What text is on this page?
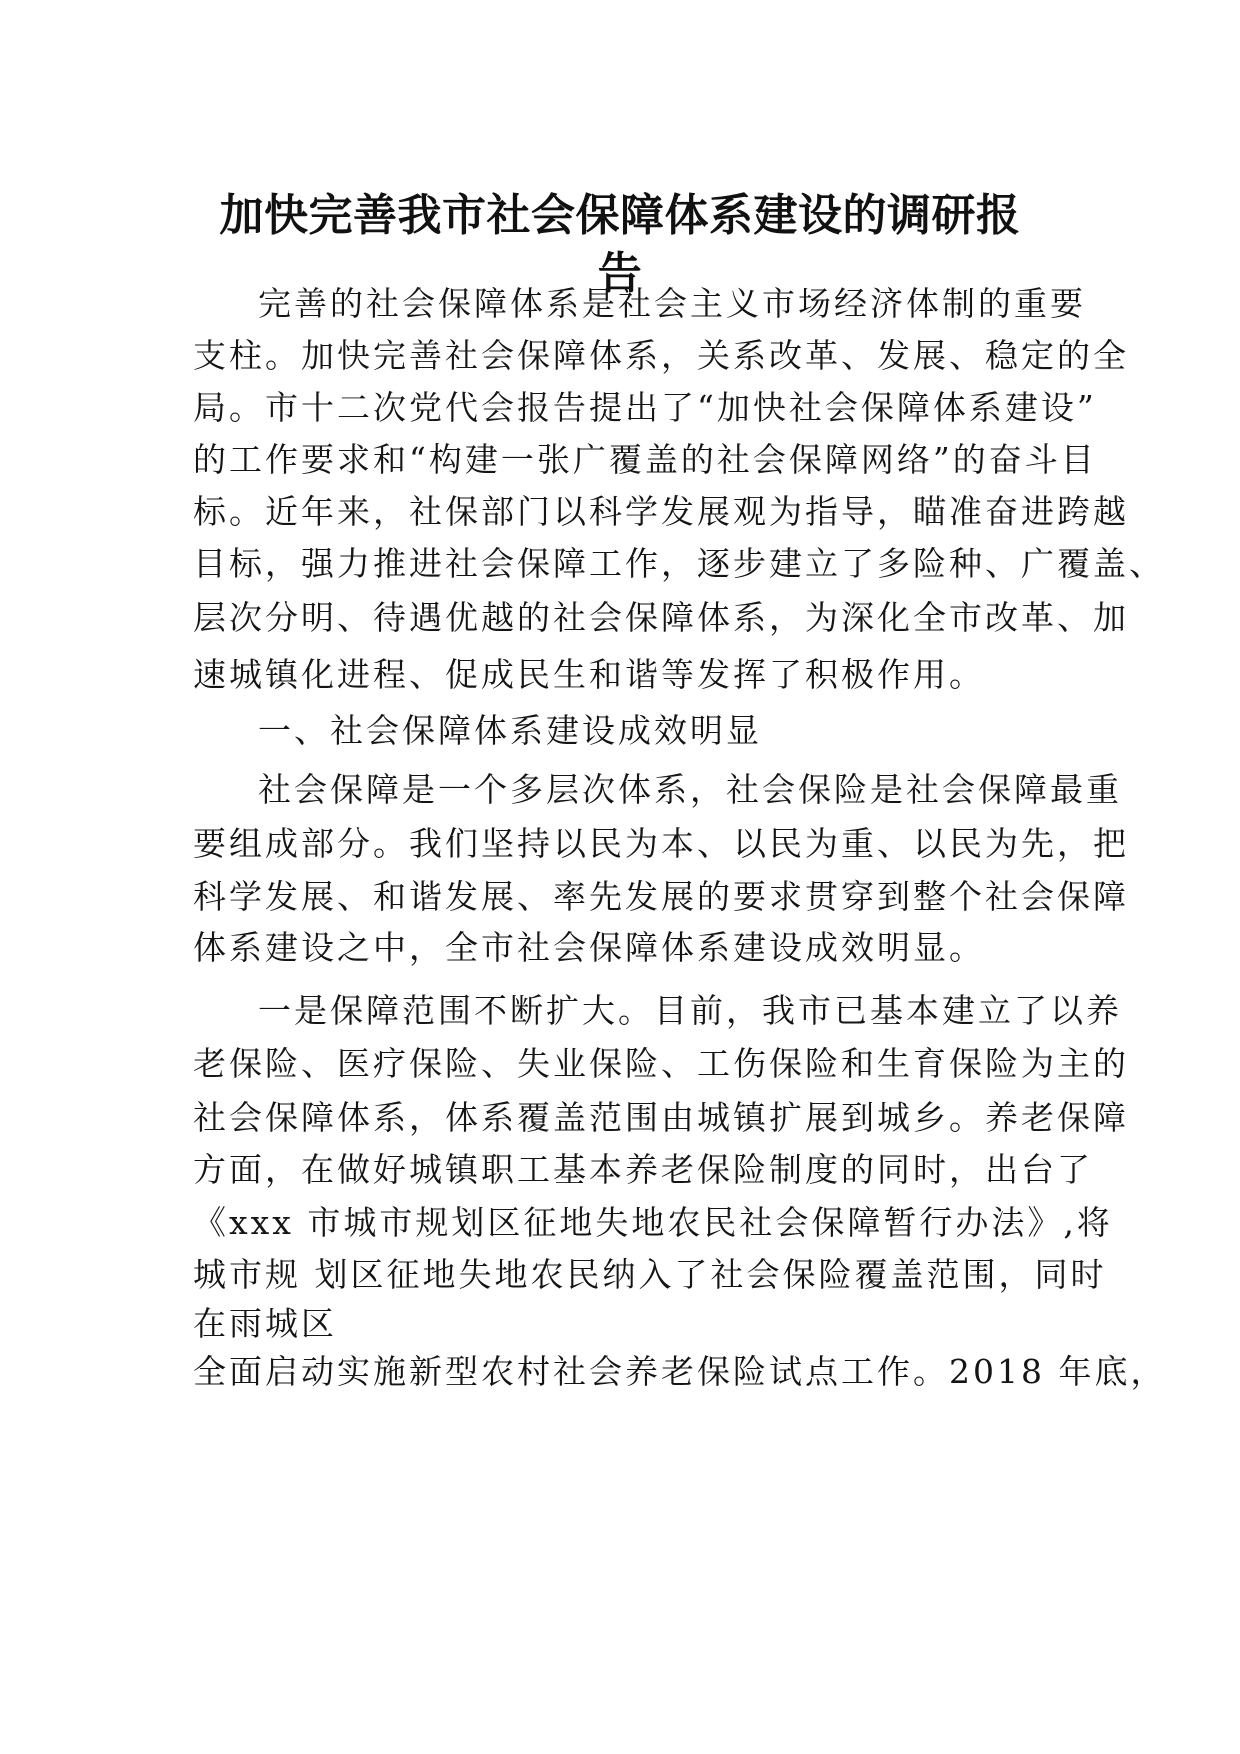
加快完善我市社会保障体系建设的调研报
告
完善的社会保障体系是社会主义市场经济体制的重要
支柱。加快完善社会保障体系，关系改革、发展、稳定的全
局。市十二次党代会报告提出了“加快社会保障体系建设”
的工作要求和“构建一张广覆盖的社会保障网络”的奋斗目
标。近年来，社保部门以科学发展观为指导，瞄准奋进跨越
目标，强力推进社会保障工作，逐步建立了多险种、广覆盖、
层次分明、待遇优越的社会保障体系，为深化全市改革、加
速城镇化进程、促成民生和谐等发挥了积极作用。
一、社会保障体系建设成效明显
社会保障是一个多层次体系，社会保险是社会保障最重
要组成部分。我们坚持以民为本、以民为重、以民为先，把
科学发展、和谐发展、率先发展的要求贯穿到整个社会保障
体系建设之中，全市社会保障体系建设成效明显。
一是保障范围不断扩大。目前，我市已基本建立了以养
老保险、医疗保险、失业保险、工伤保险和生育保险为主的
社会保障体系，体系覆盖范围由城镇扩展到城乡。养老保障
方面，在做好城镇职工基本养老保险制度的同时，出台了
《xxx 市城市规划区征地失地农民社会保障暂行办法》,将
城市规 划区征地失地农民纳入了社会保险覆盖范围，同时
在雨城区
全面启动实施新型农村社会养老保险试点工作。2018 年底，
